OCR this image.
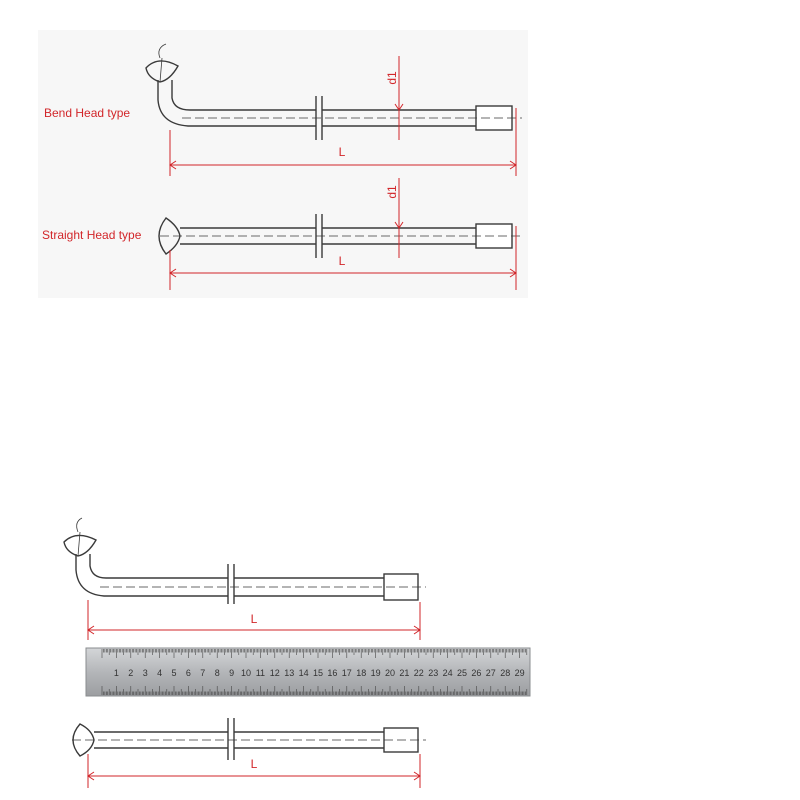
d1
L
Bend Head type
d1
L
Straight Head type
L
1 2 3 4 5 6 7 8 9 10 11 12 13 14 15 16 17 18 19 20 21 22 23 24 25 26 27 28 29
L
